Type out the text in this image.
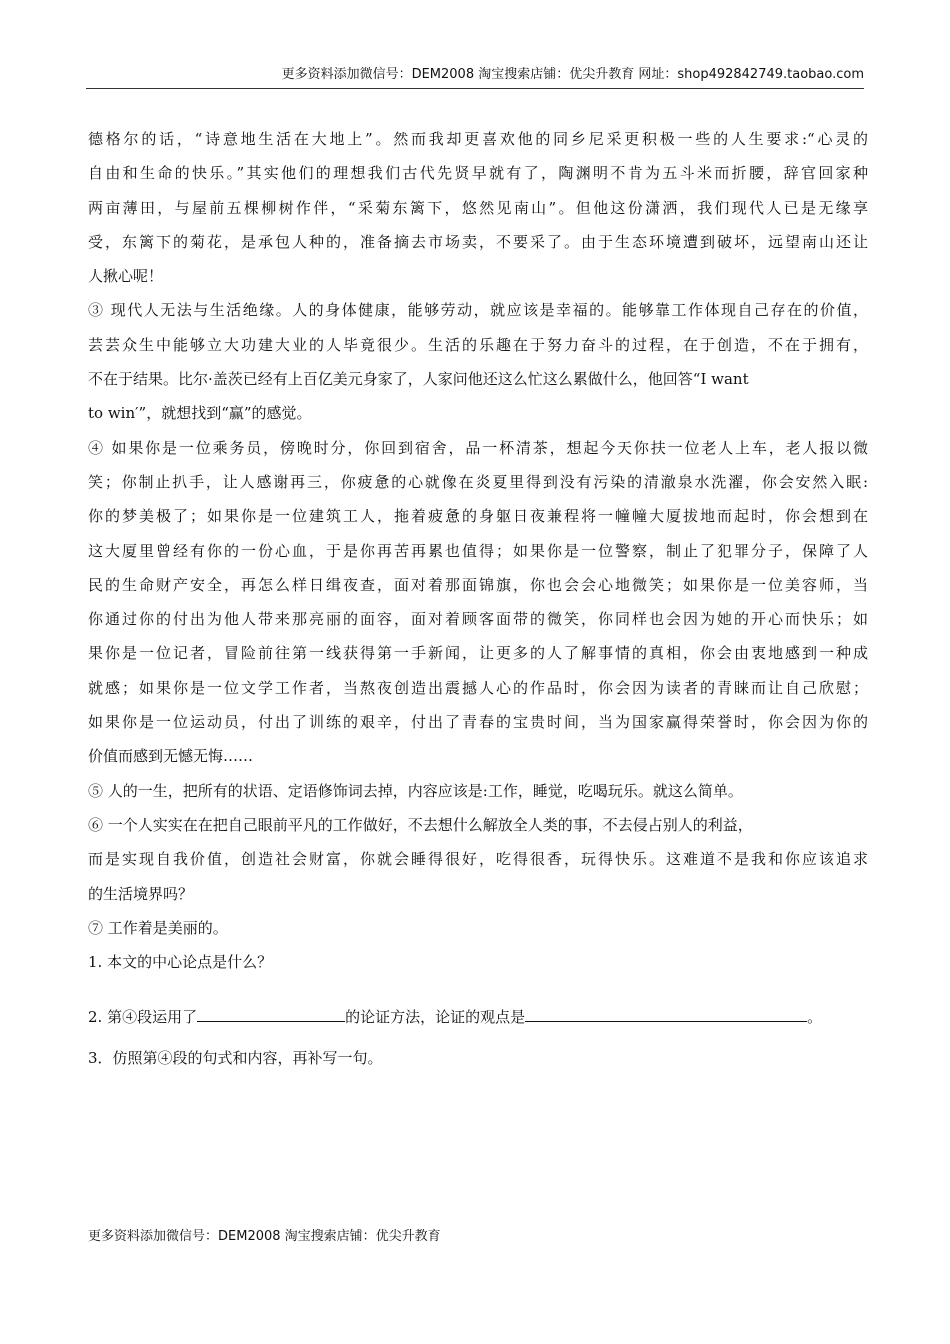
更多资料添加微信号：DEM2008 淘宝搜索店铺：优尖升教育 网址：shop492842749.taobao.com
德格尔的话，“诗意地生活在大地上”。然而我却更喜欢他的同乡尼采更积极一些的人生要求:“心灵的
自由和生命的快乐。”其实他们的理想我们古代先贤早就有了，陶渊明不肯为五斗米而折腰，辞官回家种
两亩薄田，与屋前五棵柳树作伴，“采菊东篱下，悠然见南山”。但他这份潇洒，我们现代人已是无缘享
受，东篱下的菊花，是承包人种的，准备摘去市场卖，不要采了。由于生态环境遭到破坏，远望南山还让
人揪心呢！
③ 现代人无法与生活绝缘。人的身体健康，能够劳动，就应该是幸福的。能够靠工作体现自己存在的价值，
芸芸众生中能够立大功建大业的人毕竟很少。生活的乐趣在于努力奋斗的过程，在于创造，不在于拥有，
不在于结果。比尔·盖茨已经有上百亿美元身家了，人家问他还这么忙这么累做什么，他回答“I want
to win′”，就想找到“赢”的感觉。
④ 如果你是一位乘务员，傍晚时分，你回到宿舍，品一杯清茶，想起今天你扶一位老人上车，老人报以微
笑；你制止扒手，让人感谢再三，你疲惫的心就像在炎夏里得到没有污染的清澈泉水洗濯，你会安然入眠:
你的梦美极了；如果你是一位建筑工人，拖着疲惫的身躯日夜兼程将一幢幢大厦拔地而起时，你会想到在
这大厦里曾经有你的一份心血，于是你再苦再累也值得；如果你是一位警察，制止了犯罪分子，保障了人
民的生命财产安全，再怎么样日缉夜查，面对着那面锦旗，你也会会心地微笑；如果你是一位美容师，当
你通过你的付出为他人带来那亮丽的面容，面对着顾客面带的微笑，你同样也会因为她的开心而快乐；如
果你是一位记者，冒险前往第一线获得第一手新闻，让更多的人了解事情的真相，你会由衷地感到一种成
就感；如果你是一位文学工作者，当熬夜创造出震撼人心的作品时，你会因为读者的青睐而让自己欣慰；
如果你是一位运动员，付出了训练的艰辛，付出了青春的宝贵时间，当为国家赢得荣誉时，你会因为你的
价值而感到无憾无悔……
⑤ 人的一生，把所有的状语、定语修饰词去掉，内容应该是:工作，睡觉，吃喝玩乐。就这么简单。
⑥ 一个人实实在在把自己眼前平凡的工作做好，不去想什么解放全人类的事，不去侵占别人的利益，
而是实现自我价值，创造社会财富，你就会睡得很好，吃得很香，玩得快乐。这难道不是我和你应该追求
的生活境界吗？
⑦ 工作着是美丽的。
1. 本文的中心论点是什么？
2. 第④段运用了	的论证方法，论证的观点是	。
3．仿照第④段的句式和内容，再补写一句。
更多资料添加微信号：DEM2008 淘宝搜索店铺：优尖升教育
